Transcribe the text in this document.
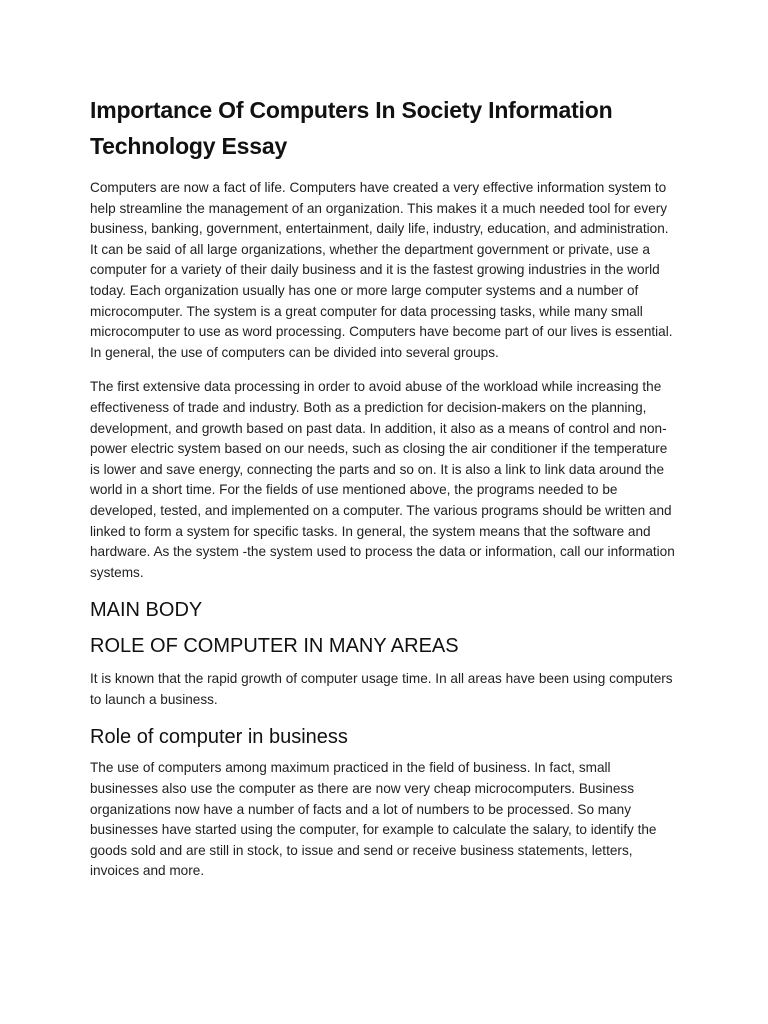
Importance Of Computers In Society Information Technology Essay

Computers are now a fact of life. Computers have created a very effective information system to help streamline the management of an organization. This makes it a much needed tool for every business, banking, government, entertainment, daily life, industry, education, and administration. It can be said of all large organizations, whether the department government or private, use a computer for a variety of their daily business and it is the fastest growing industries in the world today. Each organization usually has one or more large computer systems and a number of microcomputer. The system is a great computer for data processing tasks, while many small microcomputer to use as word processing. Computers have become part of our lives is essential. In general, the use of computers can be divided into several groups.

The first extensive data processing in order to avoid abuse of the workload while increasing the effectiveness of trade and industry. Both as a prediction for decision-makers on the planning, development, and growth based on past data. In addition, it also as a means of control and non-power electric system based on our needs, such as closing the air conditioner if the temperature is lower and save energy, connecting the parts and so on. It is also a link to link data around the world in a short time. For the fields of use mentioned above, the programs needed to be developed, tested, and implemented on a computer. The various programs should be written and linked to form a system for specific tasks. In general, the system means that the software and hardware. As the system -the system used to process the data or information, call our information systems.

MAIN BODY
ROLE OF COMPUTER IN MANY AREAS

It is known that the rapid growth of computer usage time. In all areas have been using computers to launch a business.

Role of computer in business

The use of computers among maximum practiced in the field of business. In fact, small businesses also use the computer as there are now very cheap microcomputers. Business organizations now have a number of facts and a lot of numbers to be processed. So many businesses have started using the computer, for example to calculate the salary, to identify the goods sold and are still in stock, to issue and send or receive business statements, letters, invoices and more.
